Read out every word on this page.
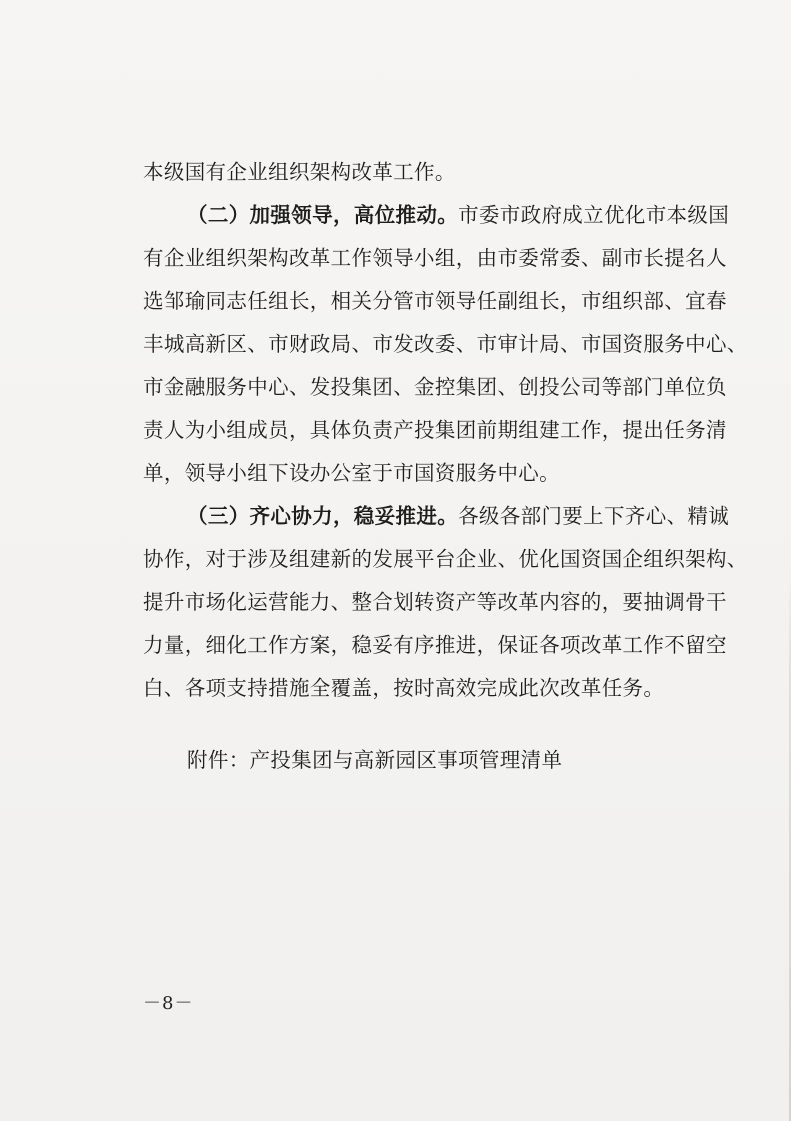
本级国有企业组织架构改革工作。
（二）加强领导，高位推动。市委市政府成立优化市本级国
有企业组织架构改革工作领导小组，由市委常委、副市长提名人
选邹瑜同志任组长，相关分管市领导任副组长，市组织部、宜春
丰城高新区、市财政局、市发改委、市审计局、市国资服务中心、
市金融服务中心、发投集团、金控集团、创投公司等部门单位负
责人为小组成员，具体负责产投集团前期组建工作，提出任务清
单，领导小组下设办公室于市国资服务中心。
（三）齐心协力，稳妥推进。各级各部门要上下齐心、精诚
协作，对于涉及组建新的发展平台企业、优化国资国企组织架构、
提升市场化运营能力、整合划转资产等改革内容的，要抽调骨干
力量，细化工作方案，稳妥有序推进，保证各项改革工作不留空
白、各项支持措施全覆盖，按时高效完成此次改革任务。
附件：产投集团与高新园区事项管理清单
－8－
